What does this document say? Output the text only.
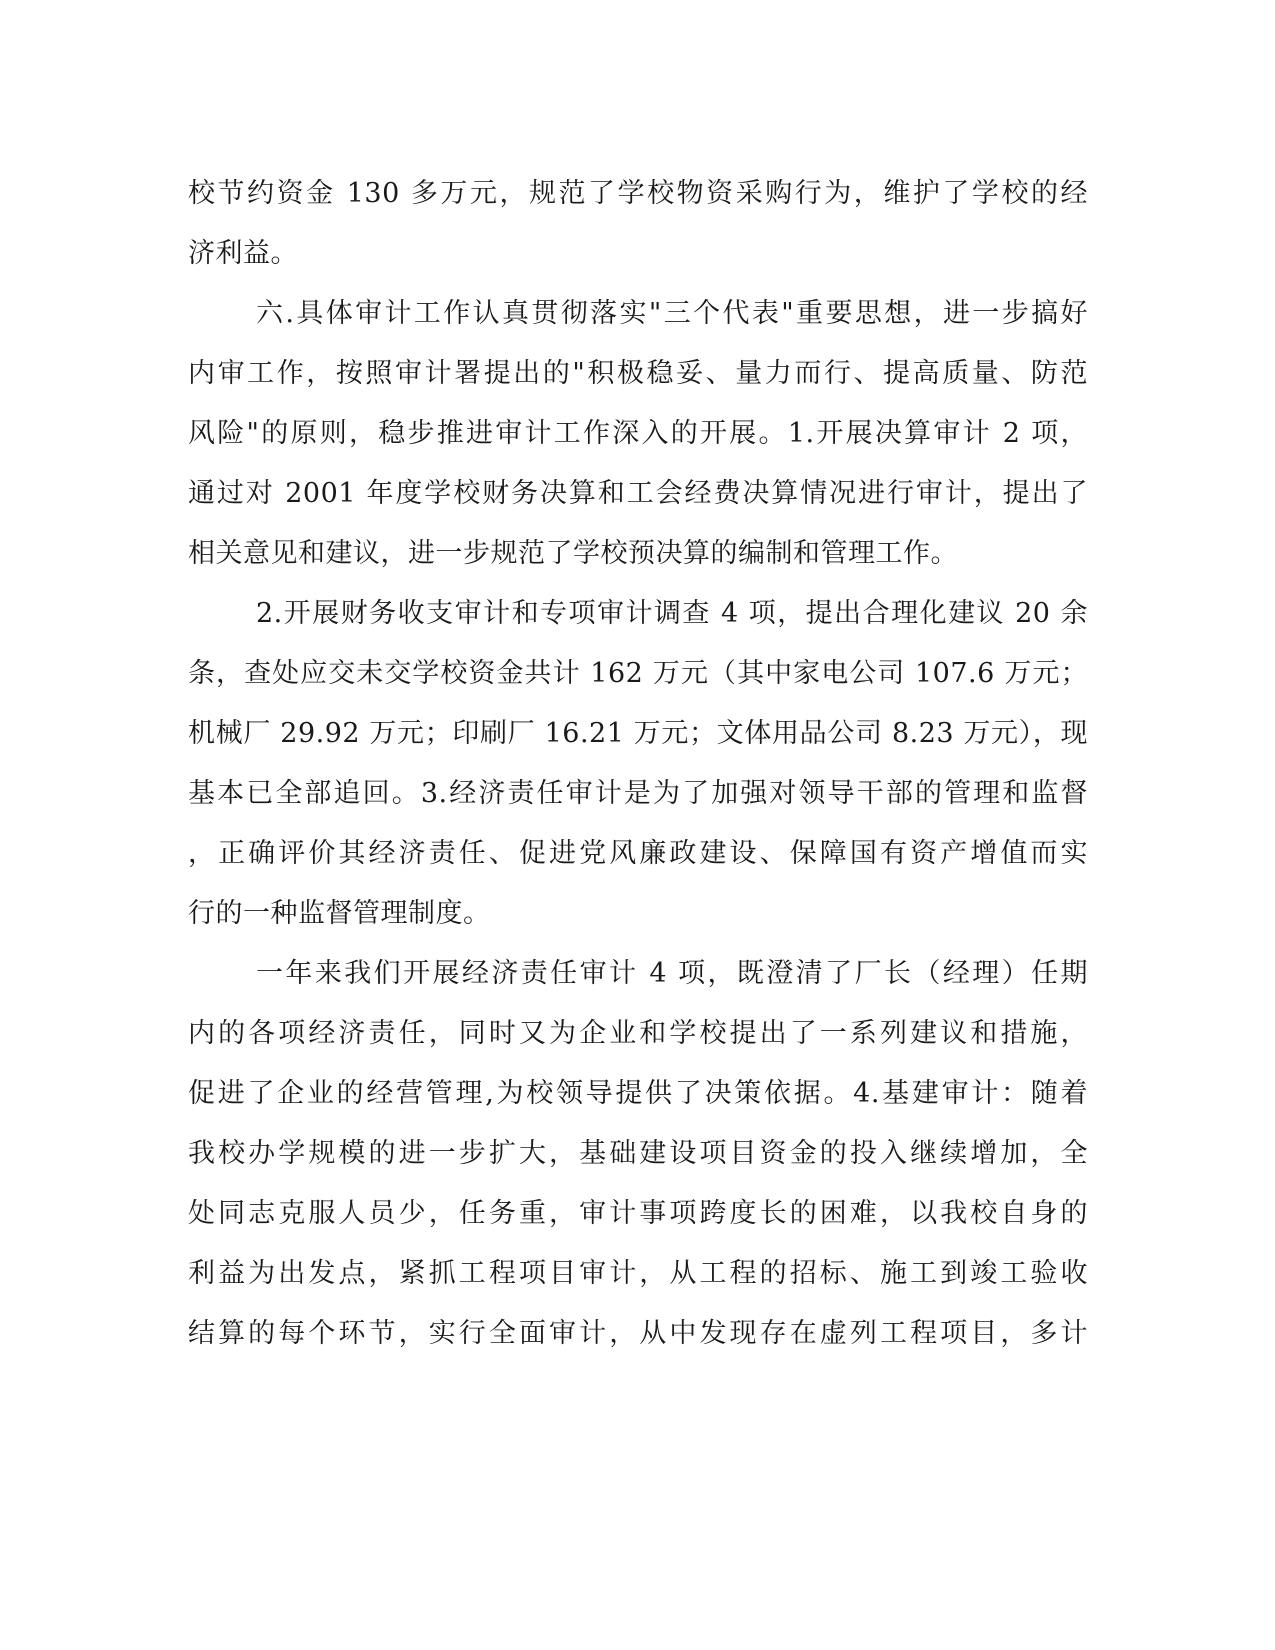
校节约资金 130 多万元，规范了学校物资采购行为，维护了学校的经
济利益。
六.具体审计工作认真贯彻落实"三个代表"重要思想，进一步搞好
内审工作，按照审计署提出的"积极稳妥、量力而行、提高质量、防范
风险"的原则，稳步推进审计工作深入的开展。1.开展决算审计 2 项，
通过对 2001 年度学校财务决算和工会经费决算情况进行审计，提出了
相关意见和建议，进一步规范了学校预决算的编制和管理工作。
2.开展财务收支审计和专项审计调查 4 项，提出合理化建议 20 余
条，查处应交未交学校资金共计 162 万元（其中家电公司 107.6 万元；
机械厂 29.92 万元；印刷厂 16.21 万元；文体用品公司 8.23 万元），现
基本已全部追回。3.经济责任审计是为了加强对领导干部的管理和监督
，正确评价其经济责任、促进党风廉政建设、保障国有资产增值而实
行的一种监督管理制度。
一年来我们开展经济责任审计 4 项，既澄清了厂长（经理）任期
内的各项经济责任，同时又为企业和学校提出了一系列建议和措施，
促进了企业的经营管理,为校领导提供了决策依据。4.基建审计：随着
我校办学规模的进一步扩大，基础建设项目资金的投入继续增加，全
处同志克服人员少，任务重，审计事项跨度长的困难，以我校自身的
利益为出发点，紧抓工程项目审计，从工程的招标、施工到竣工验收
结算的每个环节，实行全面审计，从中发现存在虚列工程项目，多计
